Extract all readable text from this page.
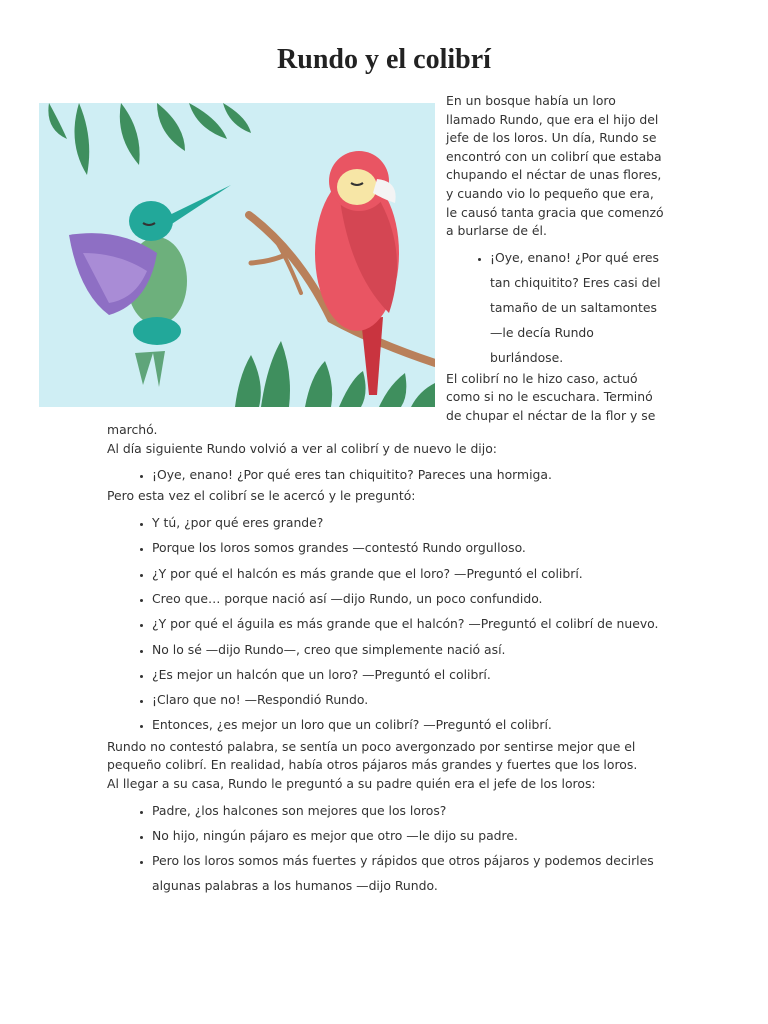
Rundo y el colibrí

En un bosque había un loro llamado Rundo, que era el hijo del jefe de los loros. Un día, Rundo se encontró con un colibrí que estaba chupando el néctar de unas flores, y cuando vio lo pequeño que era, le causó tanta gracia que comenzó a burlarse de él.

• ¡Oye, enano! ¿Por qué eres tan chiquitito? Eres casi del tamaño de un saltamontes —le decía Rundo burlándose.

El colibrí no le hizo caso, actuó como si no le escuchara. Terminó de chupar el néctar de la flor y se

marchó.

Al día siguiente Rundo volvió a ver al colibrí y de nuevo le dijo:

• ¡Oye, enano! ¿Por qué eres tan chiquitito? Pareces una hormiga.

Pero esta vez el colibrí se le acercó y le preguntó:

• Y tú, ¿por qué eres grande?
• Porque los loros somos grandes —contestó Rundo orgulloso.
• ¿Y por qué el halcón es más grande que el loro? —Preguntó el colibrí.
• Creo que… porque nació así —dijo Rundo, un poco confundido.
• ¿Y por qué el águila es más grande que el halcón? —Preguntó el colibrí de nuevo.
• No lo sé —dijo Rundo—, creo que simplemente nació así.
• ¿Es mejor un halcón que un loro? —Preguntó el colibrí.
• ¡Claro que no! —Respondió Rundo.
• Entonces, ¿es mejor un loro que un colibrí? —Preguntó el colibrí.

Rundo no contestó palabra, se sentía un poco avergonzado por sentirse mejor que el pequeño colibrí. En realidad, había otros pájaros más grandes y fuertes que los loros.

Al llegar a su casa, Rundo le preguntó a su padre quién era el jefe de los loros:

• Padre, ¿los halcones son mejores que los loros?
• No hijo, ningún pájaro es mejor que otro —le dijo su padre.
• Pero los loros somos más fuertes y rápidos que otros pájaros y podemos decirles algunas palabras a los humanos —dijo Rundo.
